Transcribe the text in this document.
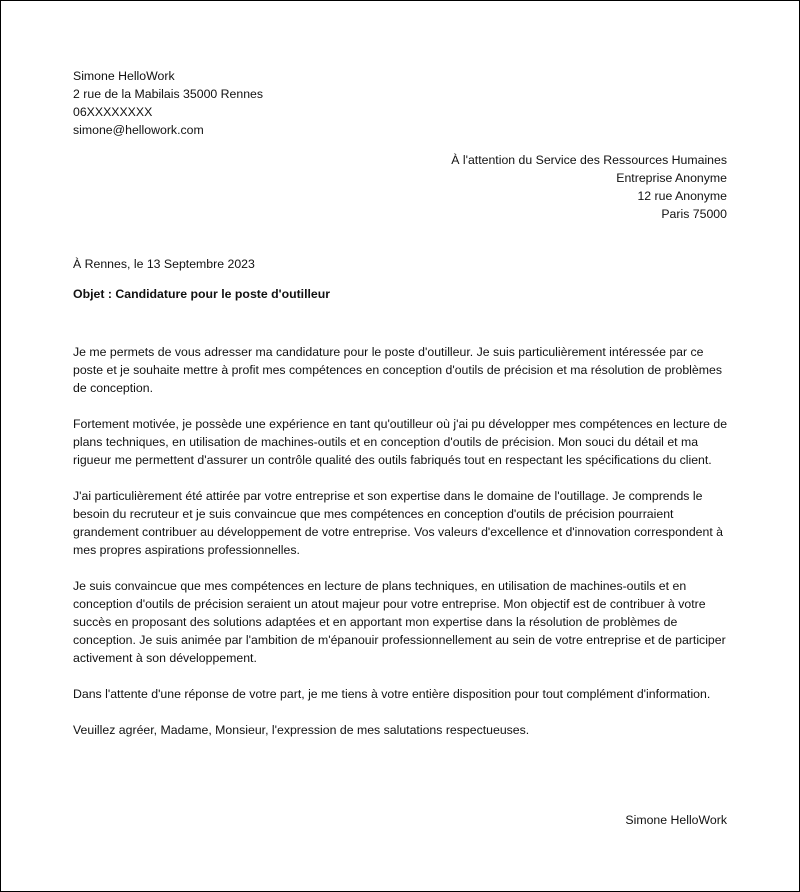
Simone HelloWork
2 rue de la Mabilais 35000 Rennes
06XXXXXXXX
simone@hellowork.com
À l'attention du Service des Ressources Humaines
Entreprise Anonyme
12 rue Anonyme
Paris 75000
À Rennes, le 13 Septembre 2023
Objet : Candidature pour le poste d'outilleur

Je me permets de vous adresser ma candidature pour le poste d'outilleur. Je suis particulièrement intéressée par ce poste et je souhaite mettre à profit mes compétences en conception d'outils de précision et ma résolution de problèmes de conception.

Fortement motivée, je possède une expérience en tant qu'outilleur où j'ai pu développer mes compétences en lecture de plans techniques, en utilisation de machines-outils et en conception d'outils de précision. Mon souci du détail et ma rigueur me permettent d'assurer un contrôle qualité des outils fabriqués tout en respectant les spécifications du client.

J'ai particulièrement été attirée par votre entreprise et son expertise dans le domaine de l'outillage. Je comprends le besoin du recruteur et je suis convaincue que mes compétences en conception d'outils de précision pourraient grandement contribuer au développement de votre entreprise. Vos valeurs d'excellence et d'innovation correspondent à mes propres aspirations professionnelles.

Je suis convaincue que mes compétences en lecture de plans techniques, en utilisation de machines-outils et en conception d'outils de précision seraient un atout majeur pour votre entreprise. Mon objectif est de contribuer à votre succès en proposant des solutions adaptées et en apportant mon expertise dans la résolution de problèmes de conception. Je suis animée par l'ambition de m'épanouir professionnellement au sein de votre entreprise et de participer activement à son développement.

Dans l'attente d'une réponse de votre part, je me tiens à votre entière disposition pour tout complément d'information.

Veuillez agréer, Madame, Monsieur, l'expression de mes salutations respectueuses.

Simone HelloWork
